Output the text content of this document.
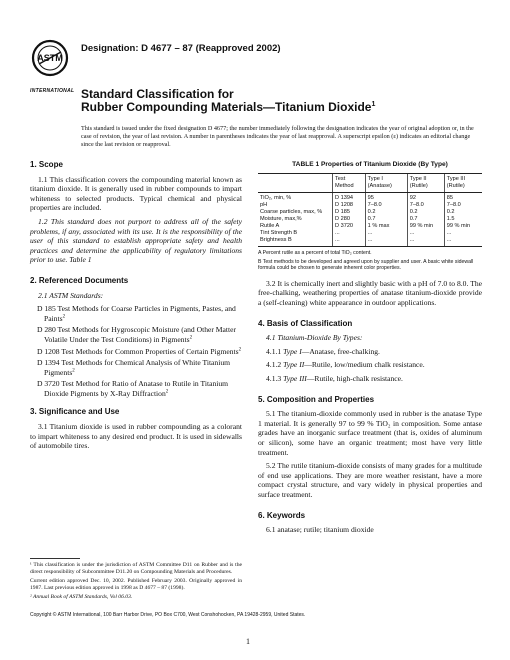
ASTM
INTERNATIONAL
Designation: D 4677 – 87 (Reapproved 2002)
Standard Classification for
Rubber Compounding Materials—Titanium Dioxide$^1$
This standard is issued under the fixed designation D 4677; the number immediately following the designation indicates the year of original adoption or, in the case of revision, the year of last revision. A number in parentheses indicates the year of last reapproval. A superscript epsilon (ε) indicates an editorial change since the last revision or reapproval.
1. Scope

1.1 This classification covers the compounding material known as titanium dioxide. It is generally used in rubber compounds to impart whiteness to selected products. Typical chemical and physical properties are included.

1.2 This standard does not purport to address all of the safety problems, if any, associated with its use. It is the responsibility of the user of this standard to establish appropriate safety and health practices and determine the applicability of regulatory limitations prior to use. Table 1

2. Referenced Documents

2.1 ASTM Standards:

D 185 Test Methods for Coarse Particles in Pigments, Pastes, and Paints$^2$
D 280 Test Methods for Hygroscopic Moisture (and Other Matter Volatile Under the Test Conditions) in Pigments$^2$
D 1208 Test Methods for Common Properties of Certain Pigments$^2$
D 1394 Test Methods for Chemical Analysis of White Titanium Pigments$^2$
D 3720 Test Method for Ratio of Anatase to Rutile in Titanium Dioxide Pigments by X-Ray Diffraction$^2$
3. Significance and Use

3.1 Titanium dioxide is used in rubber compounding as a colorant to impart whiteness to any desired end product. It is used in sidewalls of automobile tires.

TABLE 1 Properties of Titanium Dioxide (By Type)
	Test Method	Type I (Anatase)	Type II (Rutile)	Type III (Rutile)
TiO₂, min, %	D 1394	95	92	85
pH	D 1208	7–8.0	7–8.0	7–8.0
Coarse particles, max, %	D 185	0.2	0.2	0.2
Moisture, max,%	D 280	0.7	0.7	1.5
Rutile A	D 3720	1 % max	99 % min	99 % min
Tint Strength B	...	...	...	...
Brightness B	...	...	...	...
A Percent rutile as a percent of total TiO₂ content.
B Test methods to be developed and agreed upon by supplier and user. A basic white sidewall formula could be chosen to generate inherent color properties.

3.2 It is chemically inert and slightly basic with a pH of 7.0 to 8.0. The free-chalking, weathering properties of anatase titanium-dioxide provide a (self-cleaning) white appearance in outdoor applications.

4. Basis of Classification

4.1 Titanium-Dioxide By Types:

4.1.1 Type I—Anatase, free-chalking.

4.1.2 Type II—Rutile, low/medium chalk resistance.

4.1.3 Type III—Rutile, high-chalk resistance.

5. Composition and Properties

5.1 The titanium-dioxide commonly used in rubber is the anatase Type 1 material. It is generally 97 to 99 % TiO₂ in composition. Some antase grades have an inorganic surface treatment (that is, oxides of aluminum or silicon), some have an organic treatment; most have very little treatment.

5.2 The rutile titanium-dioxide consists of many grades for a multitude of end use applications. They are more weather resistant, have a more compact crystal structure, and vary widely in physical properties and surface treatment.

6. Keywords

6.1 anatase; rutile; titanium dioxide

¹ This classification is under the jurisdiction of ASTM Committee D11 on Rubber and is the direct responsibility of Subcommittee D11.20 on Compounding Materials and Procedures.

Current edition approved Dec. 10, 2002. Published February 2003. Originally approved in 1987. Last previous edition approved in 1998 as D 4677 – 87 (1998).

² Annual Book of ASTM Standards, Vol 06.03.

Copyright © ASTM International, 100 Barr Harbor Drive, PO Box C700, West Conshohocken, PA 19428-2959, United States.
1
